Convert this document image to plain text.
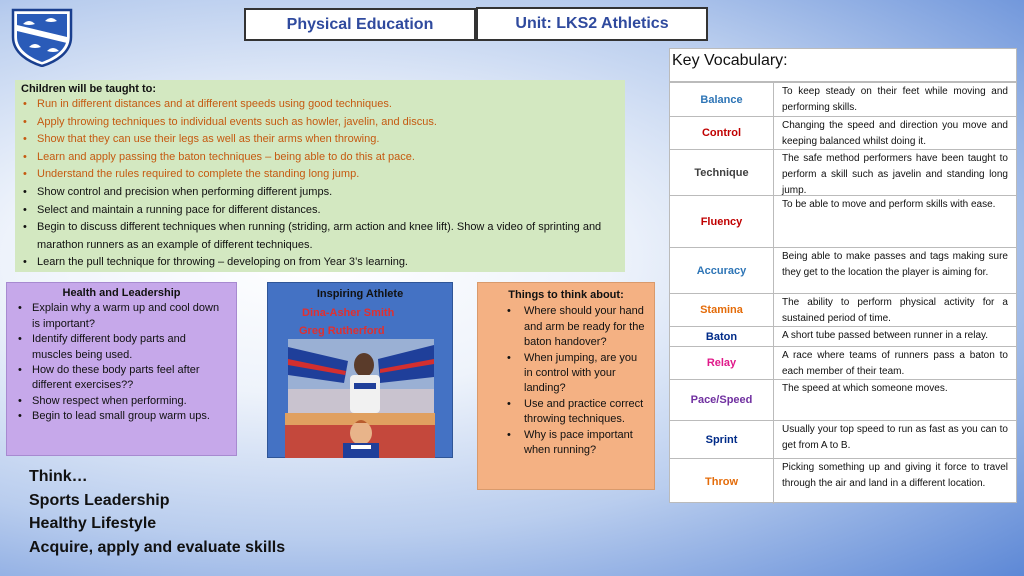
Physical Education	Unit: LKS2 Athletics
Children will be taught to:
• Run in different distances and at different speeds using good techniques.
• Apply throwing techniques to individual events such as howler, javelin, and discus.
• Show that they can use their legs as well as their arms when throwing.
• Learn and apply passing the baton techniques – being able to do this at pace.
• Understand the rules required to complete the standing long jump.
• Show control and precision when performing different jumps.
• Select and maintain a running pace for different distances.
• Begin to discuss different techniques when running (striding, arm action and knee lift). Show a video of sprinting and marathon runners as an example of different techniques.
• Learn the pull technique for throwing – developing on from Year 3’s learning.
Health and Leadership
• Explain why a warm up and cool down is important?
• Identify different body parts and muscles being used.
• How do these body parts feel after different exercises??
• Show respect when performing.
• Begin to lead small group warm ups.
Inspiring Athlete
Dina-Asher Smith
Greg Rutherford
Things to think about:
• Where should your hand and arm be ready for the baton handover?
• When jumping, are you in control with your landing?
• Use and practice correct throwing techniques.
• Why is pace important when running?
Think…
Sports Leadership
Healthy Lifestyle
Acquire, apply and evaluate skills
Key Vocabulary:
Balance
To keep steady on their feet while moving and performing skills.
Control
Changing the speed and direction you move and keeping balanced whilst doing it.
Technique
The safe method performers have been taught to perform a skill such as javelin and standing long jump.
Fluency
To be able to move and perform skills with ease.
Accuracy
Being able to make passes and tags making sure they get to the location the player is aiming for.
Stamina
The ability to perform physical activity for a sustained period of time.
Baton	A short tube passed between runner in a relay.
Relay
A race where teams of runners pass a baton to each member of their team.
Pace/Speed
The speed at which someone moves.
Sprint
Usually your top speed to run as fast as you can to get from A to B.
Throw
Picking something up and giving it force to travel through the air and land in a different location.
